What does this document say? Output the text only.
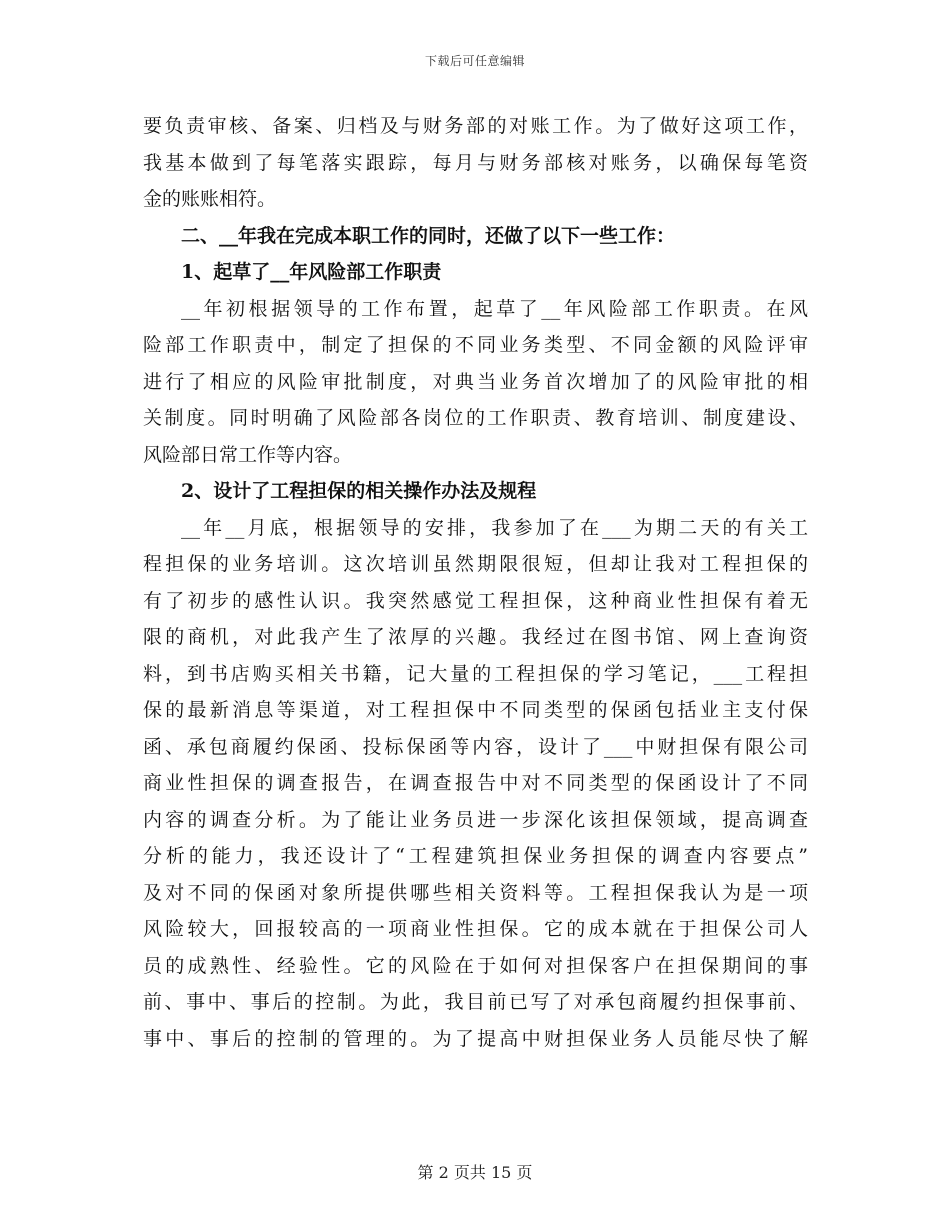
下载后可任意编辑
要负责审核、备案、归档及与财务部的对账工作。为了做好这项工作，
我基本做到了每笔落实跟踪，每月与财务部核对账务，以确保每笔资
金的账账相符。
二、__年我在完成本职工作的同时，还做了以下一些工作：
1、起草了__年风险部工作职责
__年初根据领导的工作布置，起草了__年风险部工作职责。在风
险部工作职责中，制定了担保的不同业务类型、不同金额的风险评审
进行了相应的风险审批制度，对典当业务首次增加了的风险审批的相
关制度。同时明确了风险部各岗位的工作职责、教育培训、制度建设、
风险部日常工作等内容。
2、设计了工程担保的相关操作办法及规程
__年__月底，根据领导的安排，我参加了在___为期二天的有关工
程担保的业务培训。这次培训虽然期限很短，但却让我对工程担保的
有了初步的感性认识。我突然感觉工程担保，这种商业性担保有着无
限的商机，对此我产生了浓厚的兴趣。我经过在图书馆、网上查询资
料，到书店购买相关书籍，记大量的工程担保的学习笔记，___工程担
保的最新消息等渠道，对工程担保中不同类型的保函包括业主支付保
函、承包商履约保函、投标保函等内容，设计了___中财担保有限公司
商业性担保的调查报告，在调查报告中对不同类型的保函设计了不同
内容的调查分析。为了能让业务员进一步深化该担保领域，提高调查
分析的能力，我还设计了“工程建筑担保业务担保的调查内容要点”
及对不同的保函对象所提供哪些相关资料等。工程担保我认为是一项
风险较大，回报较高的一项商业性担保。它的成本就在于担保公司人
员的成熟性、经验性。它的风险在于如何对担保客户在担保期间的事
前、事中、事后的控制。为此，我目前已写了对承包商履约担保事前、
事中、事后的控制的管理的。为了提高中财担保业务人员能尽快了解
第 2 页共 15 页
